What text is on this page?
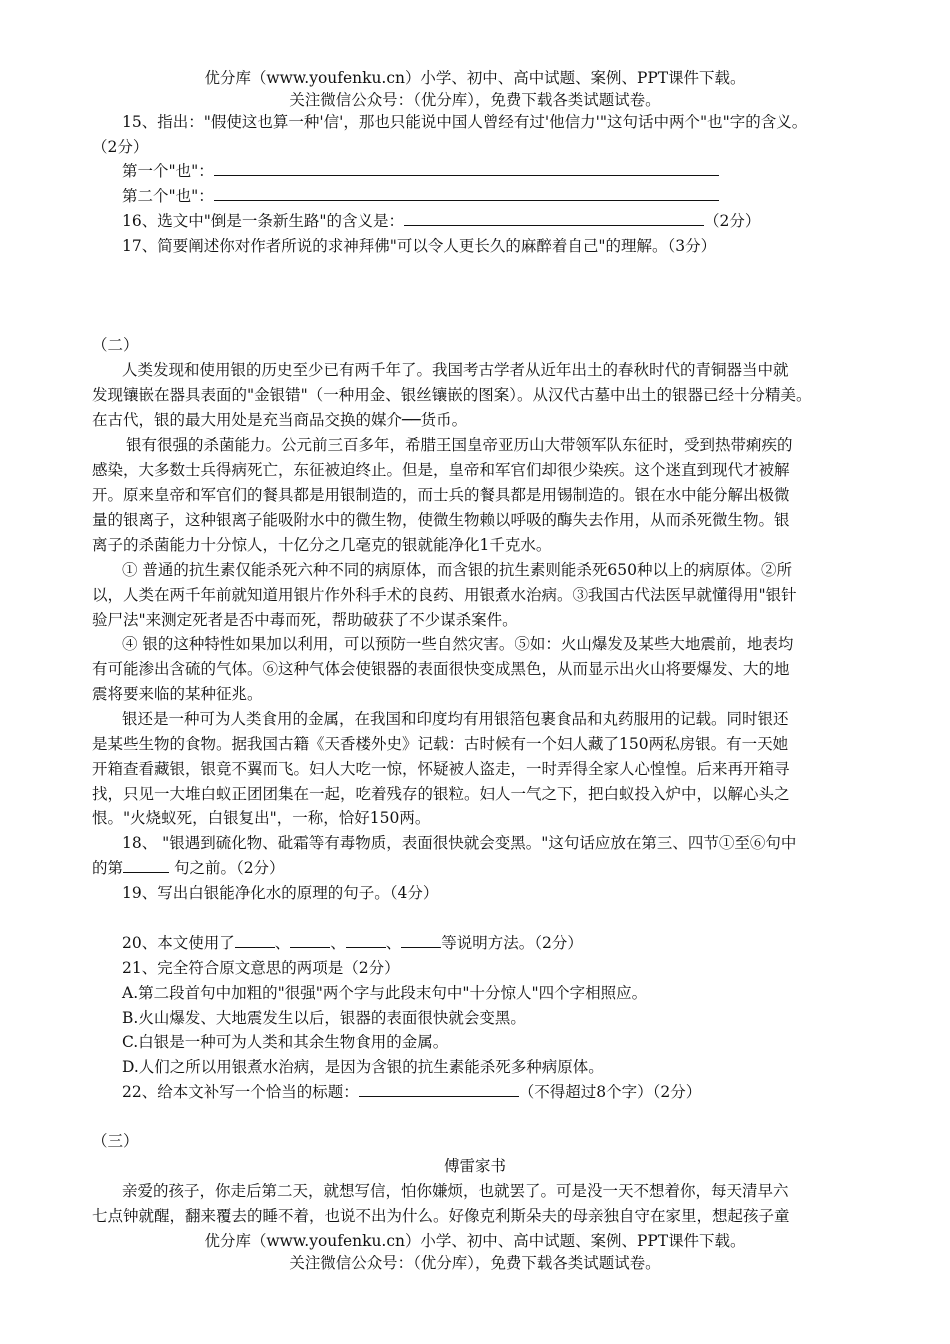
优分库（www.youfenku.cn）小学、初中、高中试题、案例、PPT课件下载。
关注微信公众号：（优分库），免费下载各类试题试卷。
15、指出："假使这也算一种'信'，那也只能说中国人曾经有过'他信力'"这句话中两个"也"字的含义。
（2分）
第一个"也"：
第二个"也"：
16、选文中"倒是一条新生路"的含义是：	（2分）
17、简要阐述你对作者所说的求神拜佛"可以令人更长久的麻醉着自己"的理解。（3分）
（二）
人类发现和使用银的历史至少已有两千年了。我国考古学者从近年出土的春秋时代的青铜器当中就
发现镶嵌在器具表面的"金银错"（一种用金、银丝镶嵌的图案）。从汉代古墓中出土的银器已经十分精美。
在古代，银的最大用处是充当商品交换的媒介──货币。
银有很强的杀菌能力。公元前三百多年，希腊王国皇帝亚历山大带领军队东征时，受到热带痢疾的
感染，大多数士兵得病死亡，东征被迫终止。但是，皇帝和军官们却很少染疾。这个迷直到现代才被解
开。原来皇帝和军官们的餐具都是用银制造的，而士兵的餐具都是用锡制造的。银在水中能分解出极微
量的银离子，这种银离子能吸附水中的微生物，使微生物赖以呼吸的酶失去作用，从而杀死微生物。银
离子的杀菌能力十分惊人，十亿分之几毫克的银就能净化1千克水。
① 普通的抗生素仅能杀死六种不同的病原体，而含银的抗生素则能杀死650种以上的病原体。②所
以，人类在两千年前就知道用银片作外科手术的良药、用银煮水治病。③我国古代法医早就懂得用"银针
验尸法"来测定死者是否中毒而死，帮助破获了不少谋杀案件。
④ 银的这种特性如果加以利用，可以预防一些自然灾害。⑤如：火山爆发及某些大地震前，地表均
有可能渗出含硫的气体。⑥这种气体会使银器的表面很快变成黑色，从而显示出火山将要爆发、大的地
震将要来临的某种征兆。
银还是一种可为人类食用的金属，在我国和印度均有用银箔包裹食品和丸药服用的记载。同时银还
是某些生物的食物。据我国古籍《天香楼外史》记载：古时候有一个妇人藏了150两私房银。有一天她
开箱查看藏银，银竟不翼而飞。妇人大吃一惊，怀疑被人盗走，一时弄得全家人心惶惶。后来再开箱寻
找，只见一大堆白蚁正团团集在一起，吃着残存的银粒。妇人一气之下，把白蚁投入炉中，以解心头之
恨。"火烧蚁死，白银复出"，一称，恰好150两。
18、 "银遇到硫化物、砒霜等有毒物质，表面很快就会变黑。"这句话应放在第三、四节①至⑥句中
的第	句之前。（2分）
19、写出白银能净化水的原理的句子。（4分）
20、本文使用了	、	、	、	等说明方法。（2分）
21、完全符合原文意思的两项是（2分）
A.第二段首句中加粗的"很强"两个字与此段末句中"十分惊人"四个字相照应。
B.火山爆发、大地震发生以后，银器的表面很快就会变黑。
C.白银是一种可为人类和其余生物食用的金属。
D.人们之所以用银煮水治病，是因为含银的抗生素能杀死多种病原体。
22、给本文补写一个恰当的标题：	（不得超过8个字）（2分）
（三）
傅雷家书
亲爱的孩子，你走后第二天，就想写信，怕你嫌烦，也就罢了。可是没一天不想着你，每天清早六
七点钟就醒，翻来覆去的睡不着，也说不出为什么。好像克利斯朵夫的母亲独自守在家里，想起孩子童
优分库（www.youfenku.cn）小学、初中、高中试题、案例、PPT课件下载。
关注微信公众号：（优分库），免费下载各类试题试卷。
